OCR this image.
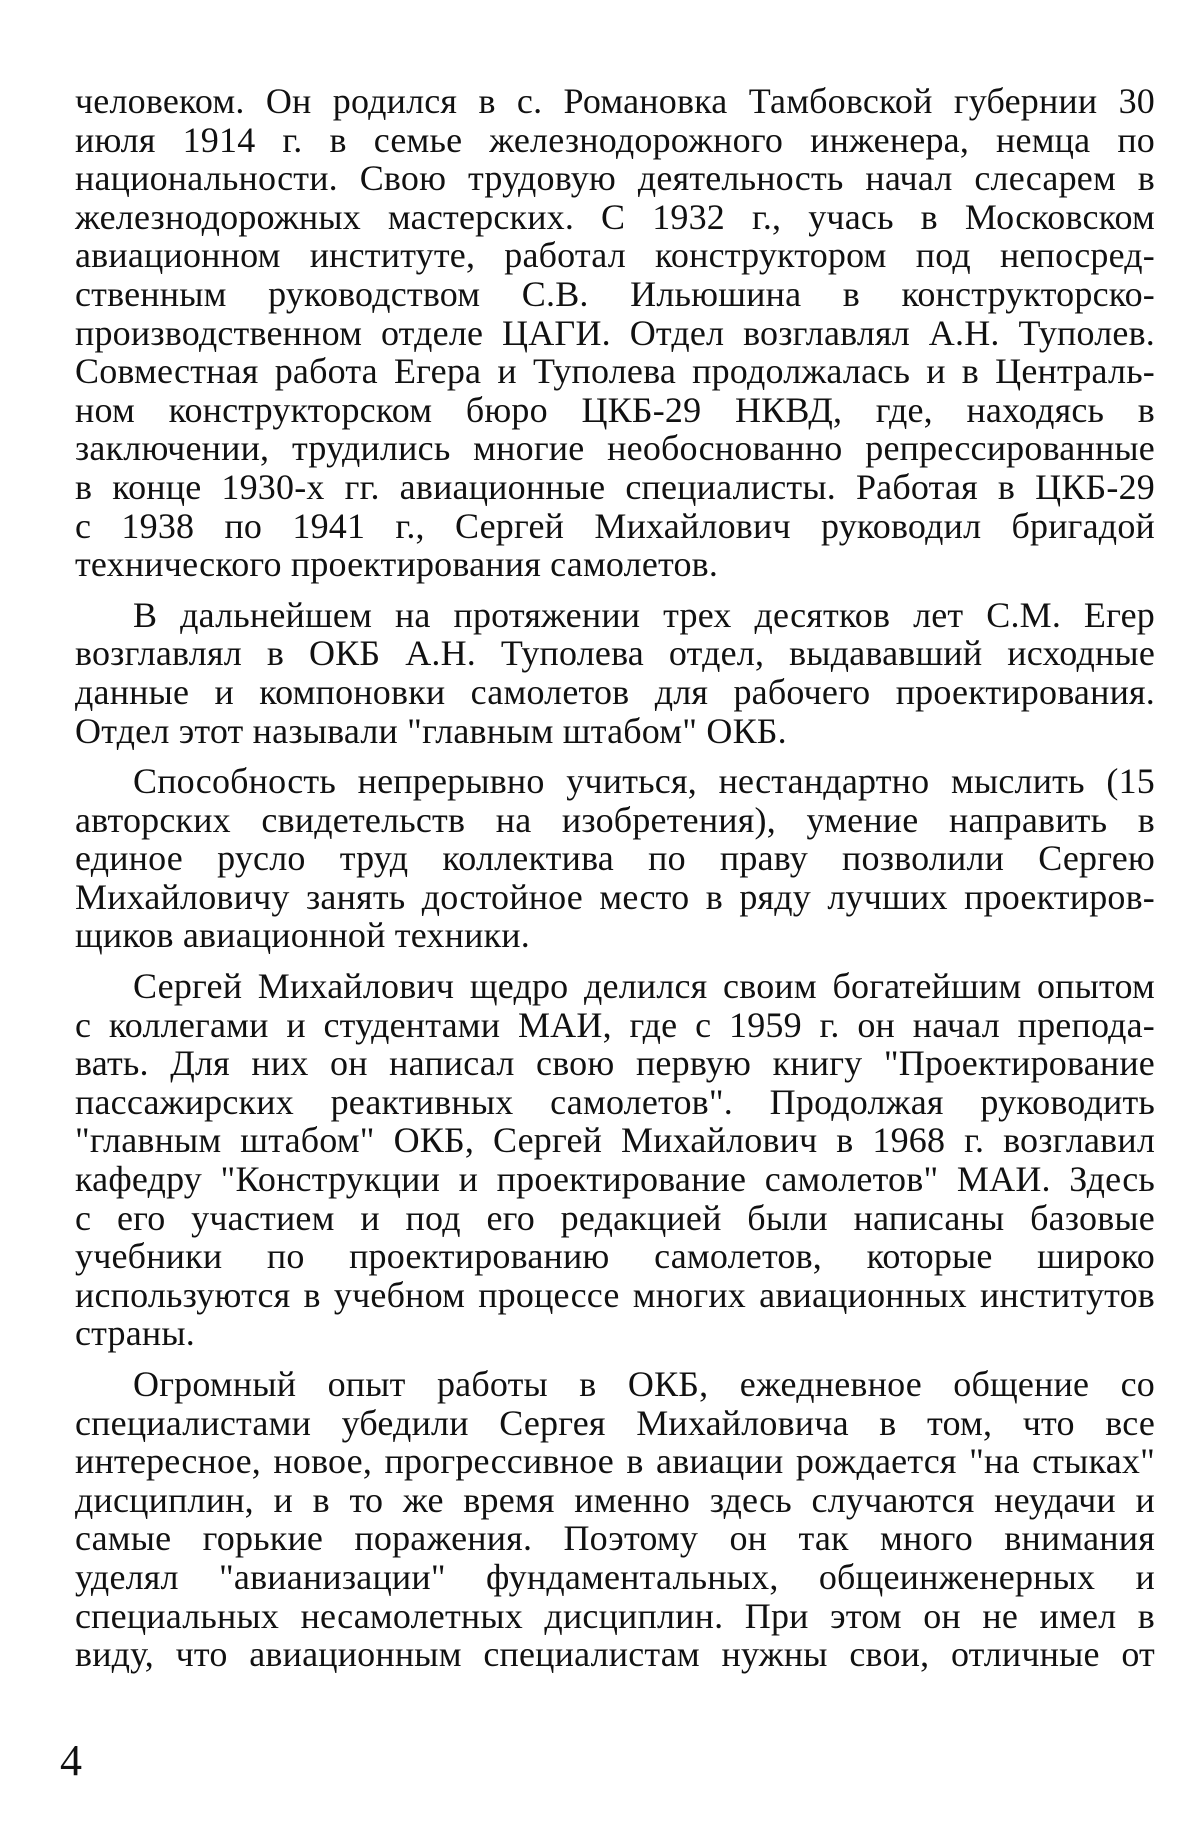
человеком. Он родился в с. Романовка Тамбовской губернии 30
июля 1914 г. в семье железнодорожного инженера, немца по
национальности. Свою трудовую деятельность начал слесарем в
железнодорожных мастерских. С 1932 г., учась в Московском
авиационном институте, работал конструктором под непосред-
ственным руководством С.В. Ильюшина в конструкторско-
производственном отделе ЦАГИ. Отдел возглавлял А.Н. Туполев.
Совместная работа Егера и Туполева продолжалась и в Централь-
ном конструкторском бюро ЦКБ-29 НКВД, где, находясь в
заключении, трудились многие необоснованно репрессированные
в конце 1930-х гг. авиационные специалисты. Работая в ЦКБ-29
с 1938 по 1941 г., Сергей Михайлович руководил бригадой
технического проектирования самолетов.
В дальнейшем на протяжении трех десятков лет С.М. Егер
возглавлял в ОКБ А.Н. Туполева отдел, выдававший исходные
данные и компоновки самолетов для рабочего проектирования.
Отдел этот называли "главным штабом" ОКБ.
Способность непрерывно учиться, нестандартно мыслить (15
авторских свидетельств на изобретения), умение направить в
единое русло труд коллектива по праву позволили Сергею
Михайловичу занять достойное место в ряду лучших проектиров-
щиков авиационной техники.
Сергей Михайлович щедро делился своим богатейшим опытом
с коллегами и студентами МАИ, где с 1959 г. он начал препода-
вать. Для них он написал свою первую книгу "Проектирование
пассажирских реактивных самолетов". Продолжая руководить
"главным штабом" ОКБ, Сергей Михайлович в 1968 г. возглавил
кафедру "Конструкции и проектирование самолетов" МАИ. Здесь
с его участием и под его редакцией были написаны базовые
учебники по проектированию самолетов, которые широко
используются в учебном процессе многих авиационных институтов
страны.
Огромный опыт работы в ОКБ, ежедневное общение со
специалистами убедили Сергея Михайловича в том, что все
интересное, новое, прогрессивное в авиации рождается "на стыках"
дисциплин, и в то же время именно здесь случаются неудачи и
самые горькие поражения. Поэтому он так много внимания
уделял "авианизации" фундаментальных, общеинженерных и
специальных несамолетных дисциплин. При этом он не имел в
виду, что авиационным специалистам нужны свои, отличные от
4
